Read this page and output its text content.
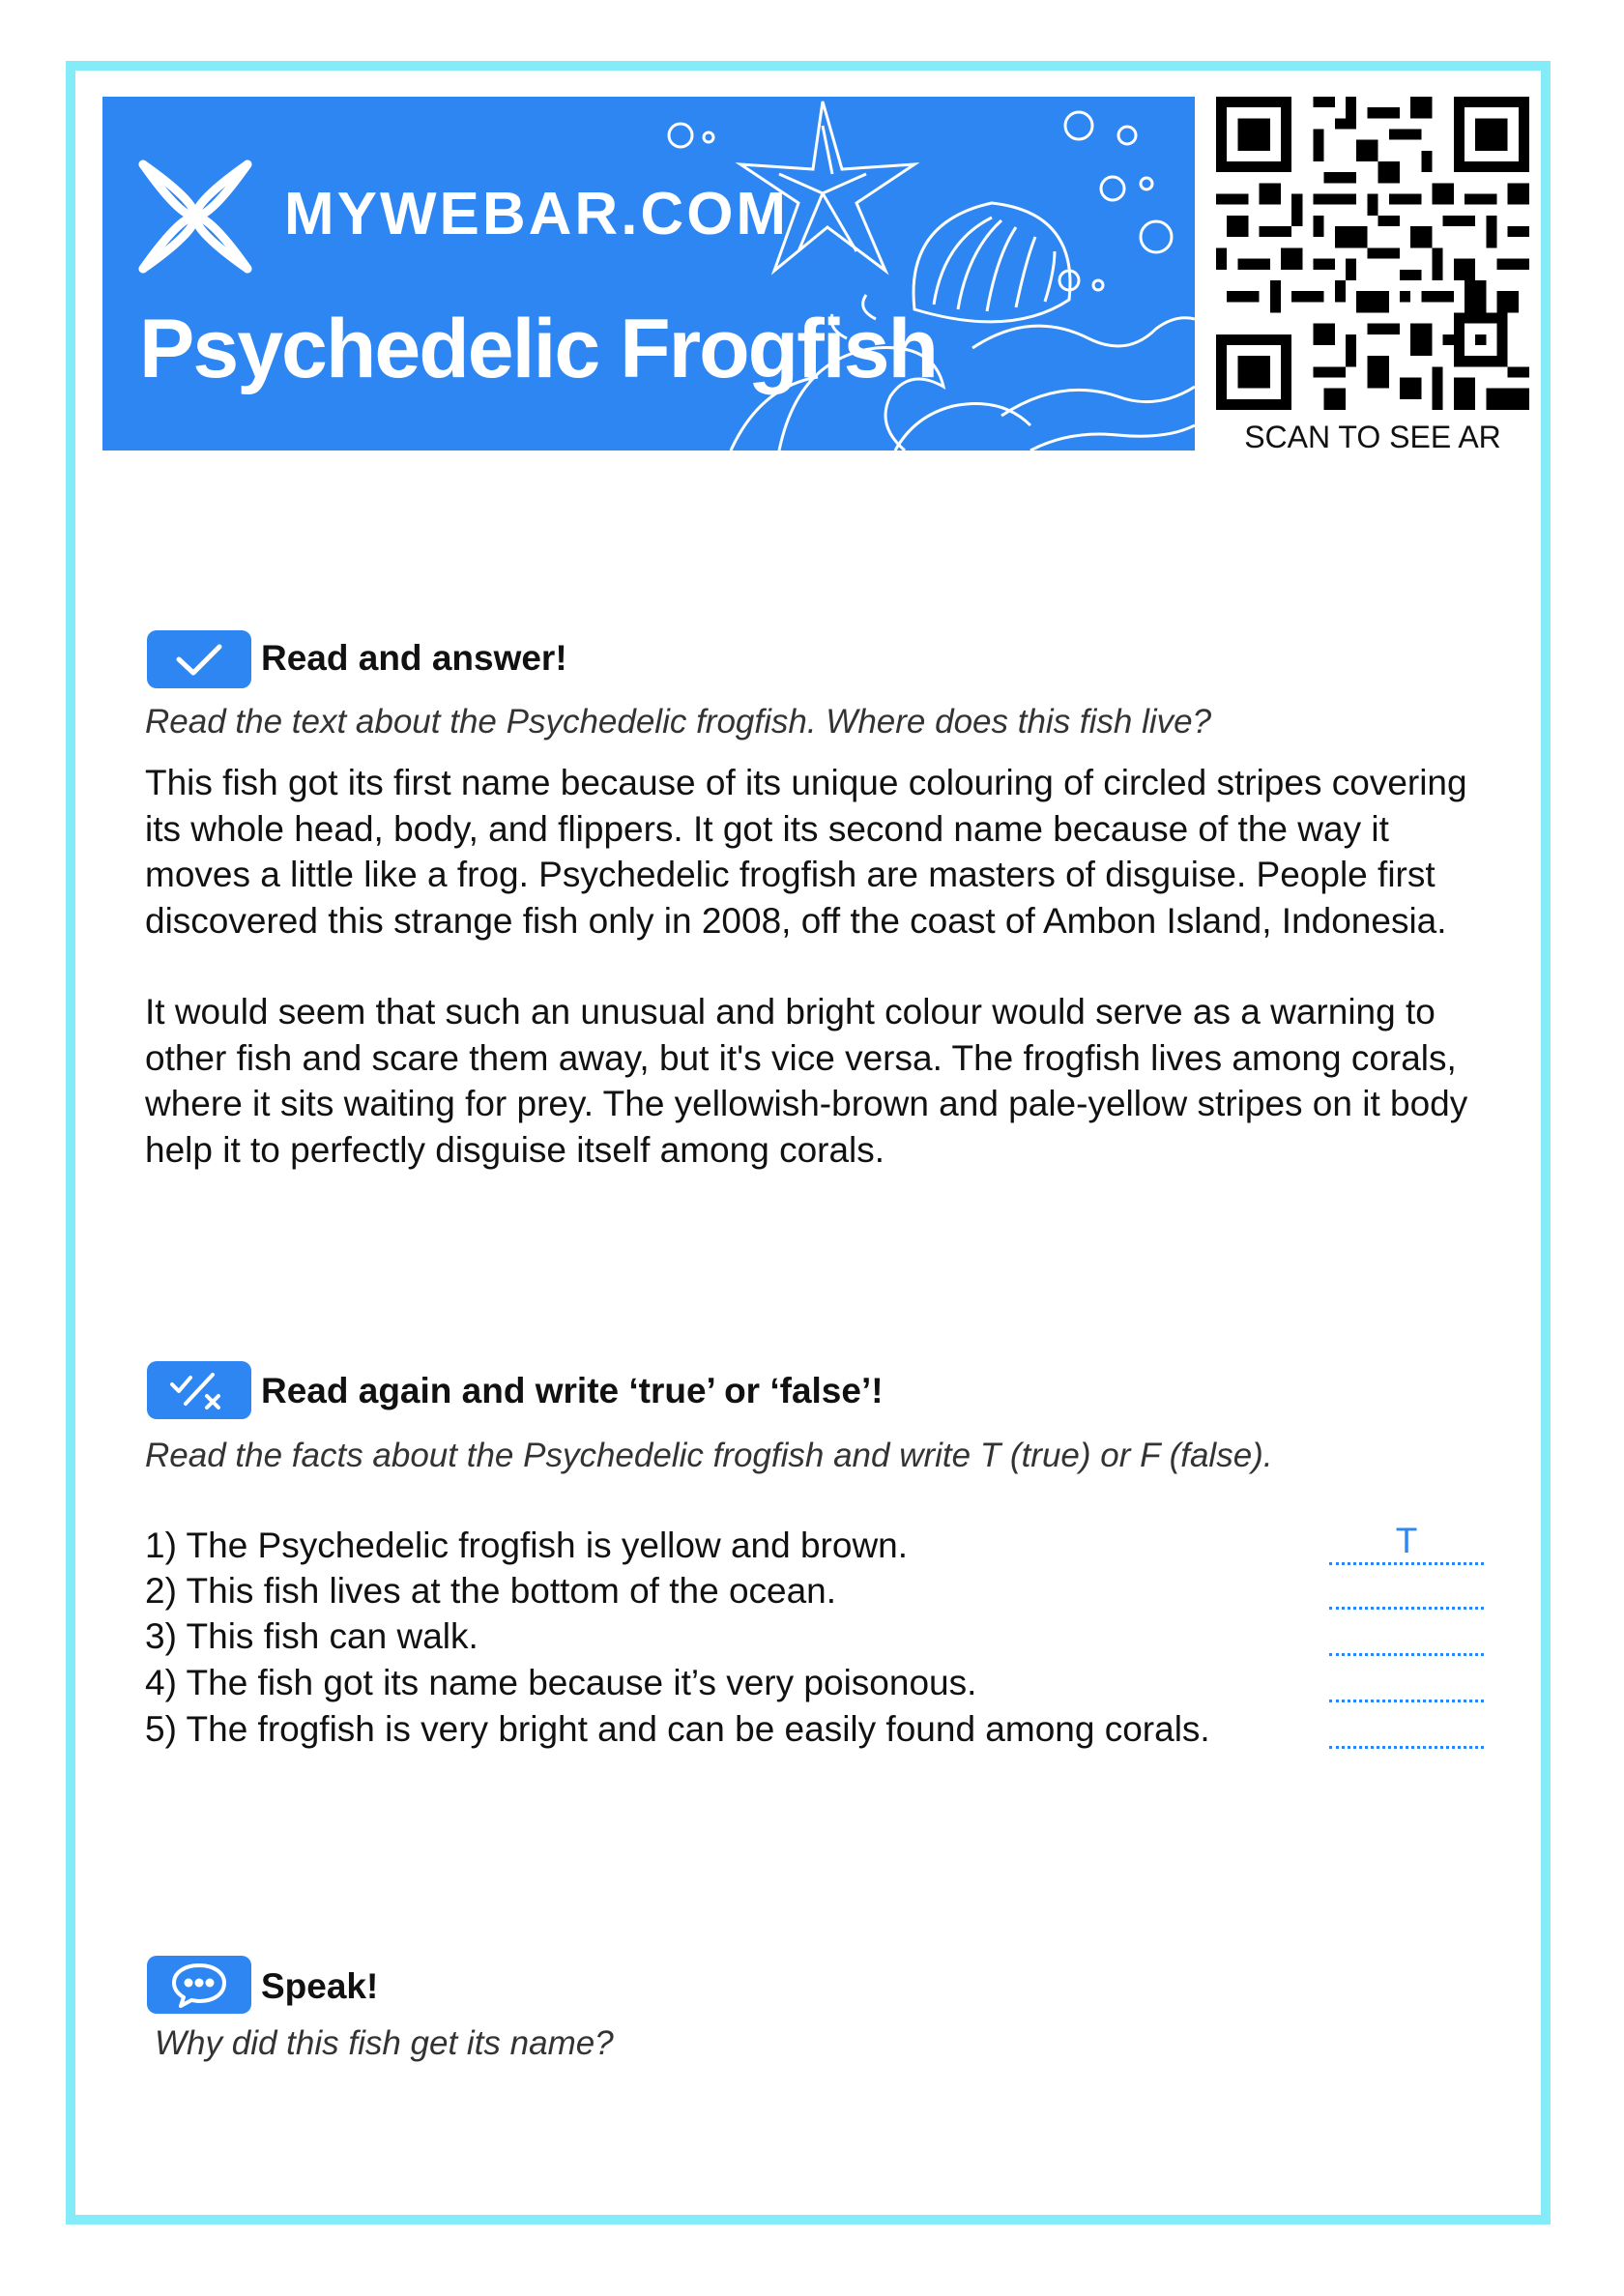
MYWEBAR.COM
Psychedelic Frogfish
SCAN TO SEE AR
Read and answer!
Read the text about the Psychedelic frogfish. Where does this fish live?

This fish got its first name because of its unique colouring of circled stripes covering its whole head, body, and flippers. It got its second name because of the way it moves a little like a frog. Psychedelic frogfish are masters of disguise. People first discovered this strange fish only in 2008, off the coast of Ambon Island, Indonesia.

It would seem that such an unusual and bright colour would serve as a warning to other fish and scare them away, but it's vice versa. The frogfish lives among corals, where it sits waiting for prey. The yellowish-brown and pale-yellow stripes on it body help it to perfectly disguise itself among corals.

Read again and write ‘true’ or ‘false’!
Read the facts about the Psychedelic frogfish and write T (true) or F (false).
1) The Psychedelic frogfish is yellow and brown.	T
2) This fish lives at the bottom of the ocean.
3) This fish can walk.
4) The fish got its name because it’s very poisonous.
5) The frogfish is very bright and can be easily found among corals.
Speak!
Why did this fish get its name?
